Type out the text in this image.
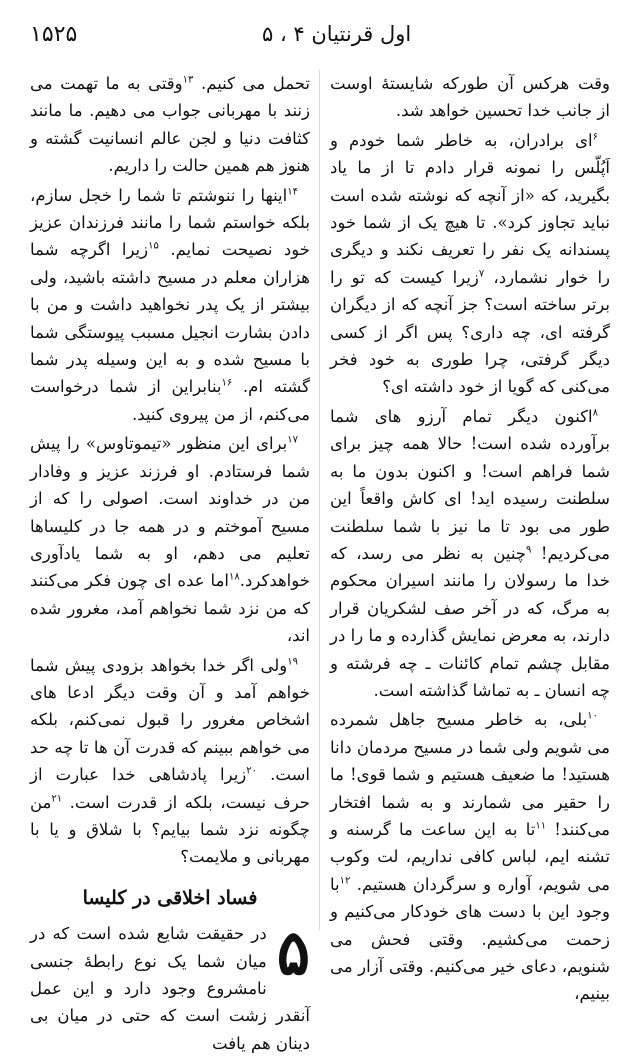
۱۵۲۵	اول قرنتیان ۴ ، ۵

وقت هرکس آن طورکه شایستهٔ اوست از جانب خدا تحسین خواهد شد.

$^۶$ای برادران، به خاطر شما خودم و اَپُلّس را نمونه قرار دادم تا از ما یاد بگیرید، که «از آنچه که نوشته شده است نباید تجاوز کرد». تا هیچ یک از شما خود پسندانه یک نفر را تعریف نکند و دیگری را خوار نشمارد، $^۷$زیرا کیست که تو را برتر ساخته است؟ جز آنچه که از دیگران گرفته ای، چه داری؟ پس اگر از کسی دیگر گرفتی، چرا طوری به خود فخر می‌کنی که گویا از خود داشته ای؟

$^۸$اکنون دیگر تمام آرزو های شما برآورده شده است! حالا همه چیز برای شما فراهم است! و اکنون بدون ما به سلطنت رسیده اید! ای کاش واقعاً این طور می بود تا ما نیز با شما سلطنت می‌کردیم! $^۹$چنین به نظر می رسد، که خدا ما رسولان را مانند اسیران محکوم به مرگ، که در آخر صف لشکریان قرار دارند، به معرض نمایش گذارده و ما را در مقابل چشم تمام کائنات ـ چه فرشته و چه انسان ـ به تماشا گذاشته است.

$^{۱۰}$بلی، به خاطر مسیح جاهل شمرده می شویم ولی شما در مسیح مردمان دانا هستید! ما ضعیف هستیم و شما قوی! ما را حقیر می شمارند و به شما افتخار می‌کنند! $^{۱۱}$تا به این ساعت ما گرسنه و تشنه ایم، لباس کافی نداریم، لت وکوب می شویم، آواره و سرگردان هستیم. $^{۱۲}$با وجود این با دست های خودکار می‌کنیم و زحمت می‌کشیم. وقتی فحش می شنویم، دعای خیر می‌کنیم. وقتی آزار می بینیم،

تحمل می کنیم. $^{۱۳}$وقتی به ما تهمت می زنند با مهربانی جواب می دهیم. ما مانند کثافت دنیا و لجن عالم انسانیت گشته و هنوز هم همین حالت را داریم.

$^{۱۴}$اینها را ننوشتم تا شما را خجل سازم، بلکه خواستم شما را مانند فرزندان عزیز خود نصیحت نمایم. $^{۱۵}$زیرا اگرچه شما هزاران معلم در مسیح داشته باشید، ولی بیشتر از یک پدر نخواهید داشت و من با دادن بشارت انجیل مسبب پیوستگی شما با مسیح شده و به این وسیله پدر شما گشته ام. $^{۱۶}$بنابراین از شما درخواست می‌کنم، از من پیروی کنید.

$^{۱۷}$برای این منظور «تیموتاوس» را پیش شما فرستادم. او فرزند عزیز و وفادار من در خداوند است. اصولی را که از مسیح آموختم و در همه جا در کلیساها تعلیم می دهم، او به شما یادآوری خواهدکرد.$^{۱۸}$اما عده ای چون فکر می‌کنند که من نزد شما نخواهم آمد، مغرور شده اند،

$^{۱۹}$ولی اگر خدا بخواهد بزودی پیش شما خواهم آمد و آن وقت دیگر ادعا های اشخاص مغرور را قبول نمی‌کنم، بلکه می خواهم ببینم که قدرت آن ها تا چه حد است. $^{۲۰}$زیرا پادشاهی خدا عبارت از حرف نیست، بلکه از قدرت است. $^{۲۱}$من چگونه نزد شما بیایم؟ با شلاق و یا با مهربانی و ملایمت؟

فساد اخلاقی در کلیسا
۵

در حقیقت شایع شده است که در میان شما یک نوع رابطهٔ جنسی نامشروع وجود دارد و این عمل آنقدر زشت است که حتی در میان بی دینان هم یافت
